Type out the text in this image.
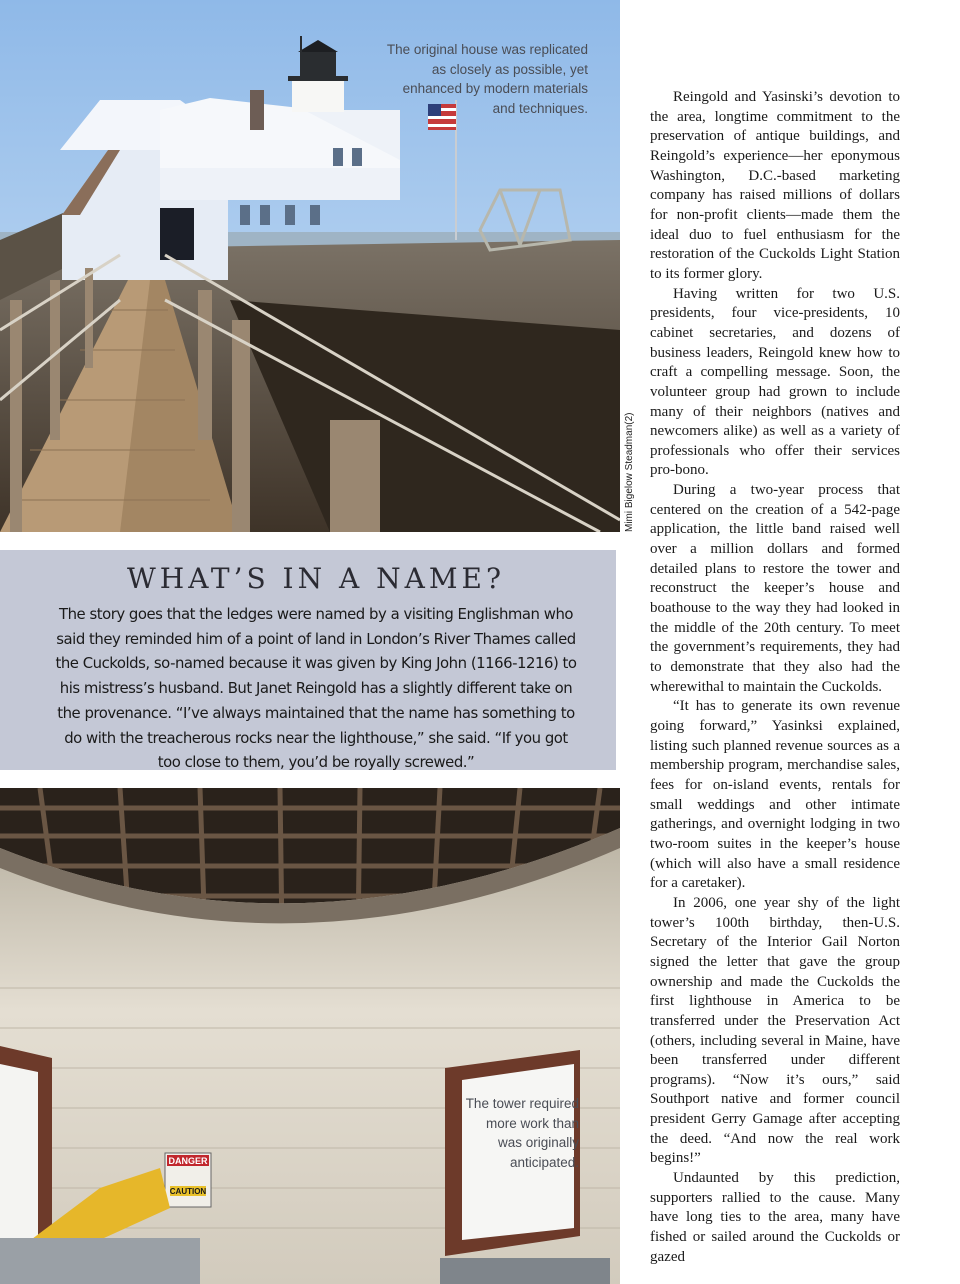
The original house was replicated as closely as possible, yet enhanced by modern materials and techniques.
Mimi Bigelow Steadman(2)
WHAT’S IN A NAME?

The story goes that the ledges were named by a visiting Englishman who said they reminded him of a point of land in London’s River Thames called the Cuckolds, so-named because it was given by King John (1166-1216) to his mistress’s husband. But Janet Reingold has a slightly different take on the provenance. “I’ve always maintained that the name has something to do with the treacherous rocks near the lighthouse,” she said. “If you got too close to them, you’d be royally screwed.”

DANGER
CAUTION
The tower required more work than was originally anticipated.

Reingold and Yasinski’s devotion to the area, longtime commitment to the preservation of antique buildings, and Reingold’s experience—her eponymous Washington, D.C.-based marketing company has raised millions of dollars for non-profit clients—made them the ideal duo to fuel enthusiasm for the restoration of the Cuckolds Light Station to its former glory.

Having written for two U.S. presidents, four vice-presidents, 10 cabinet secretaries, and dozens of business leaders, Reingold knew how to craft a compelling message. Soon, the volunteer group had grown to include many of their neighbors (natives and newcomers alike) as well as a variety of professionals who offer their services pro-bono.

During a two-year process that centered on the creation of a 542-page application, the little band raised well over a million dollars and formed detailed plans to restore the tower and reconstruct the keeper’s house and boathouse to the way they had looked in the middle of the 20th century. To meet the government’s requirements, they had to demonstrate that they also had the wherewithal to maintain the Cuckolds.

“It has to generate its own revenue going forward,” Yasinksi explained, listing such planned revenue sources as a membership program, merchandise sales, fees for on-island events, rentals for small weddings and other intimate gatherings, and overnight lodging in two two-room suites in the keeper’s house (which will also have a small residence for a caretaker).

In 2006, one year shy of the light tower’s 100th birthday, then-U.S. Secretary of the Interior Gail Norton signed the letter that gave the group ownership and made the Cuckolds the first lighthouse in America to be transferred under the Preservation Act (others, including several in Maine, have been transferred under different programs). “Now it’s ours,” said Southport native and former council president Gerry Gamage after accepting the deed. “And now the real work begins!”

Undaunted by this prediction, supporters rallied to the cause. Many have long ties to the area, many have fished or sailed around the Cuckolds or gazed
